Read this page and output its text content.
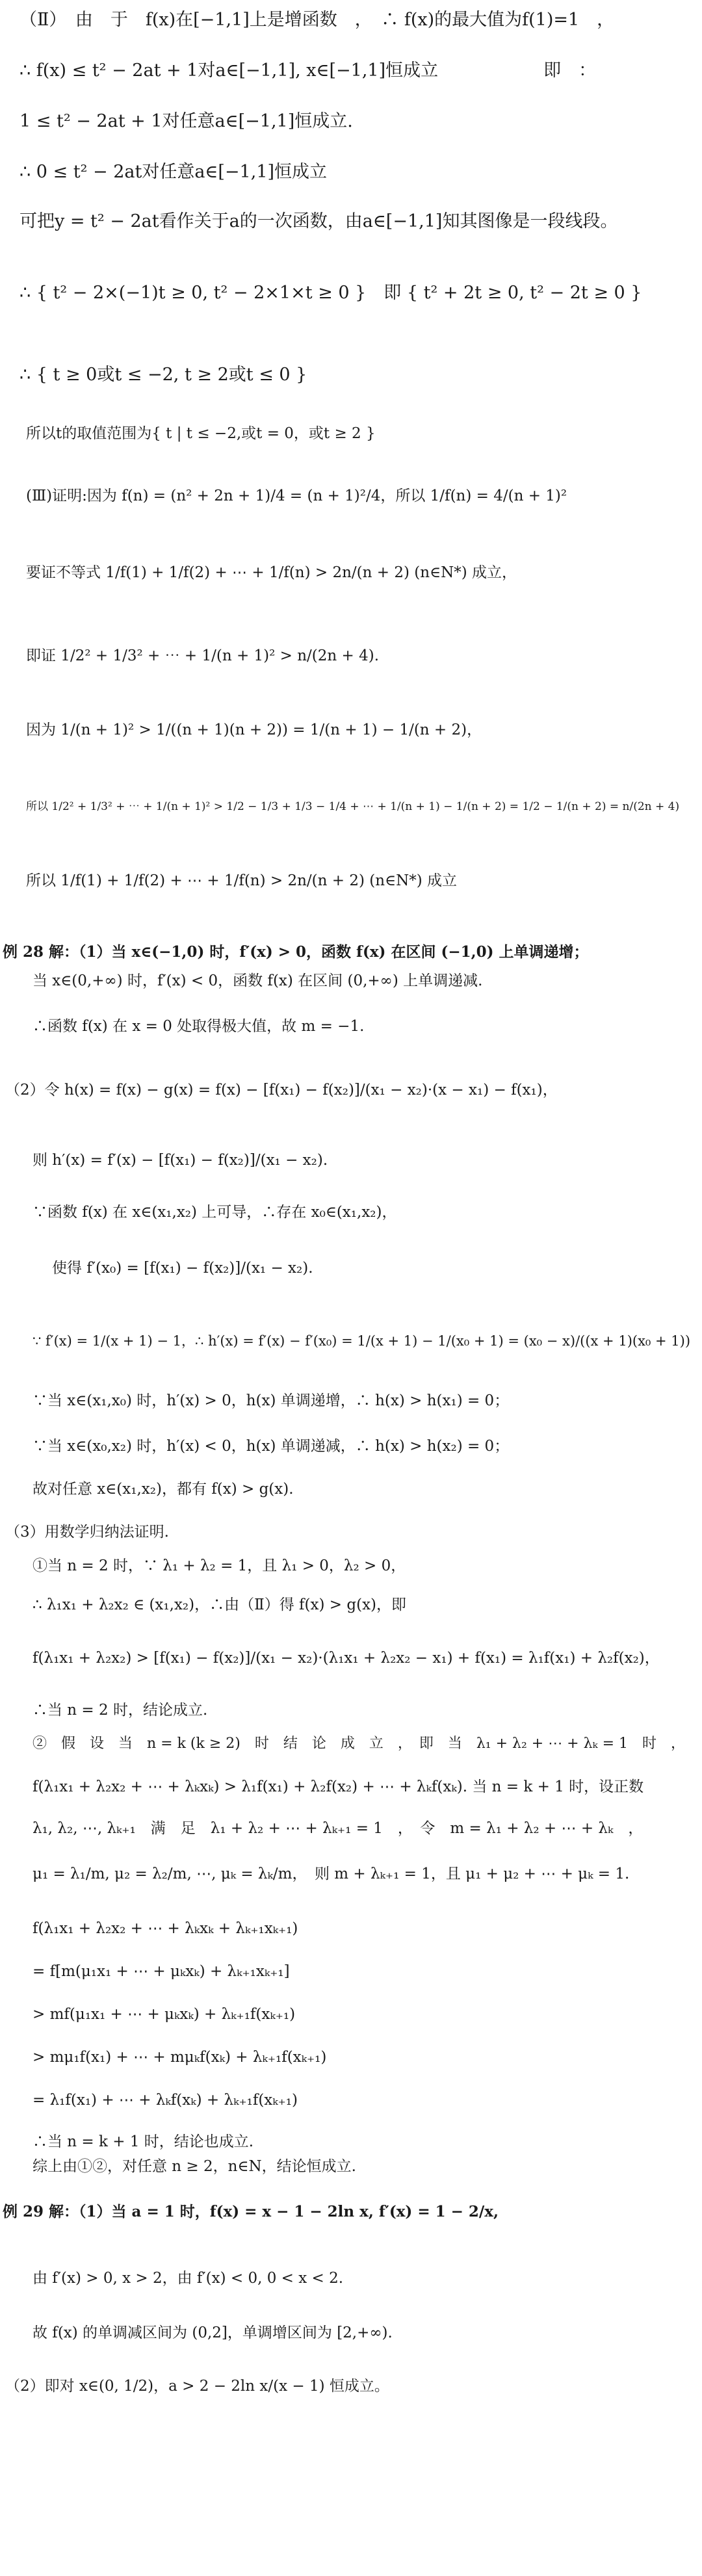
（Ⅱ）　由　于　f(x)在[−1,1]上是增函数　，　∴ f(x)的最大值为f(1)=1　，
∴ f(x) ≤ t² − 2at + 1对a∈[−1,1], x∈[−1,1]恒成立　　　　　　即　：
1 ≤ t² − 2at + 1对任意a∈[−1,1]恒成立.
∴ 0 ≤ t² − 2at对任意a∈[−1,1]恒成立
可把y = t² − 2at看作关于a的一次函数，由a∈[−1,1]知其图像是一段线段。
∴ { t² − 2×(−1)t ≥ 0, t² − 2×1×t ≥ 0 }　即 { t² + 2t ≥ 0, t² − 2t ≥ 0 }
∴ { t ≥ 0或t ≤ −2, t ≥ 2或t ≤ 0 }
所以t的取值范围为{ t | t ≤ −2,或t = 0，或t ≥ 2 }
(Ⅲ)证明:因为 f(n) = (n² + 2n + 1)/4 = (n + 1)²/4，所以 1/f(n) = 4/(n + 1)²
要证不等式 1/f(1) + 1/f(2) + ⋯ + 1/f(n) > 2n/(n + 2) (n∈N*) 成立，
即证 1/2² + 1/3² + ⋯ + 1/(n + 1)² > n/(2n + 4).
因为 1/(n + 1)² > 1/((n + 1)(n + 2)) = 1/(n + 1) − 1/(n + 2)，
所以 1/2² + 1/3² + ⋯ + 1/(n + 1)² > 1/2 − 1/3 + 1/3 − 1/4 + ⋯ + 1/(n + 1) − 1/(n + 2) = 1/2 − 1/(n + 2) = n/(2n + 4)
所以 1/f(1) + 1/f(2) + ⋯ + 1/f(n) > 2n/(n + 2) (n∈N*) 成立
例 28 解：（1）当 x∈(−1,0) 时，f′(x) > 0，函数 f(x) 在区间 (−1,0) 上单调递增；
当 x∈(0,+∞) 时，f′(x) < 0，函数 f(x) 在区间 (0,+∞) 上单调递减.
∴函数 f(x) 在 x = 0 处取得极大值，故 m = −1.
（2）令 h(x) = f(x) − g(x) = f(x) − [f(x₁) − f(x₂)]/(x₁ − x₂)·(x − x₁) − f(x₁)，
则 h′(x) = f′(x) − [f(x₁) − f(x₂)]/(x₁ − x₂).
∵函数 f(x) 在 x∈(x₁,x₂) 上可导，∴存在 x₀∈(x₁,x₂)，
使得 f′(x₀) = [f(x₁) − f(x₂)]/(x₁ − x₂).
∵ f′(x) = 1/(x + 1) − 1，∴ h′(x) = f′(x) − f′(x₀) = 1/(x + 1) − 1/(x₀ + 1) = (x₀ − x)/((x + 1)(x₀ + 1))
∵当 x∈(x₁,x₀) 时，h′(x) > 0，h(x) 单调递增，∴ h(x) > h(x₁) = 0；
∵当 x∈(x₀,x₂) 时，h′(x) < 0，h(x) 单调递减，∴ h(x) > h(x₂) = 0；
故对任意 x∈(x₁,x₂)，都有 f(x) > g(x).
（3）用数学归纳法证明.
①当 n = 2 时，∵ λ₁ + λ₂ = 1，且 λ₁ > 0，λ₂ > 0，
∴ λ₁x₁ + λ₂x₂ ∈ (x₁,x₂)，∴由（Ⅱ）得 f(x) > g(x)，即
f(λ₁x₁ + λ₂x₂) > [f(x₁) − f(x₂)]/(x₁ − x₂)·(λ₁x₁ + λ₂x₂ − x₁) + f(x₁) = λ₁f(x₁) + λ₂f(x₂)，
∴当 n = 2 时，结论成立.
②　假　设　当　n = k (k ≥ 2)　时　结　论　成　立　，　即　当　λ₁ + λ₂ + ⋯ + λₖ = 1　时　，
f(λ₁x₁ + λ₂x₂ + ⋯ + λₖxₖ) > λ₁f(x₁) + λ₂f(x₂) + ⋯ + λₖf(xₖ). 当 n = k + 1 时，设正数
λ₁, λ₂, ⋯, λₖ₊₁　满　足　λ₁ + λ₂ + ⋯ + λₖ₊₁ = 1　，　令　m = λ₁ + λ₂ + ⋯ + λₖ　，
μ₁ = λ₁/m, μ₂ = λ₂/m, ⋯, μₖ = λₖ/m，　则 m + λₖ₊₁ = 1，且 μ₁ + μ₂ + ⋯ + μₖ = 1.
f(λ₁x₁ + λ₂x₂ + ⋯ + λₖxₖ + λₖ₊₁xₖ₊₁)
= f[m(μ₁x₁ + ⋯ + μₖxₖ) + λₖ₊₁xₖ₊₁]
> mf(μ₁x₁ + ⋯ + μₖxₖ) + λₖ₊₁f(xₖ₊₁)
> mμ₁f(x₁) + ⋯ + mμₖf(xₖ) + λₖ₊₁f(xₖ₊₁)
= λ₁f(x₁) + ⋯ + λₖf(xₖ) + λₖ₊₁f(xₖ₊₁)
∴当 n = k + 1 时，结论也成立.
综上由①②，对任意 n ≥ 2，n∈N，结论恒成立.
例 29 解：（1）当 a = 1 时，f(x) = x − 1 − 2ln x, f′(x) = 1 − 2/x,
由 f′(x) > 0, x > 2，由 f′(x) < 0, 0 < x < 2.
故 f(x) 的单调减区间为 (0,2]，单调增区间为 [2,+∞).
（2）即对 x∈(0, 1/2)，a > 2 − 2ln x/(x − 1) 恒成立。
